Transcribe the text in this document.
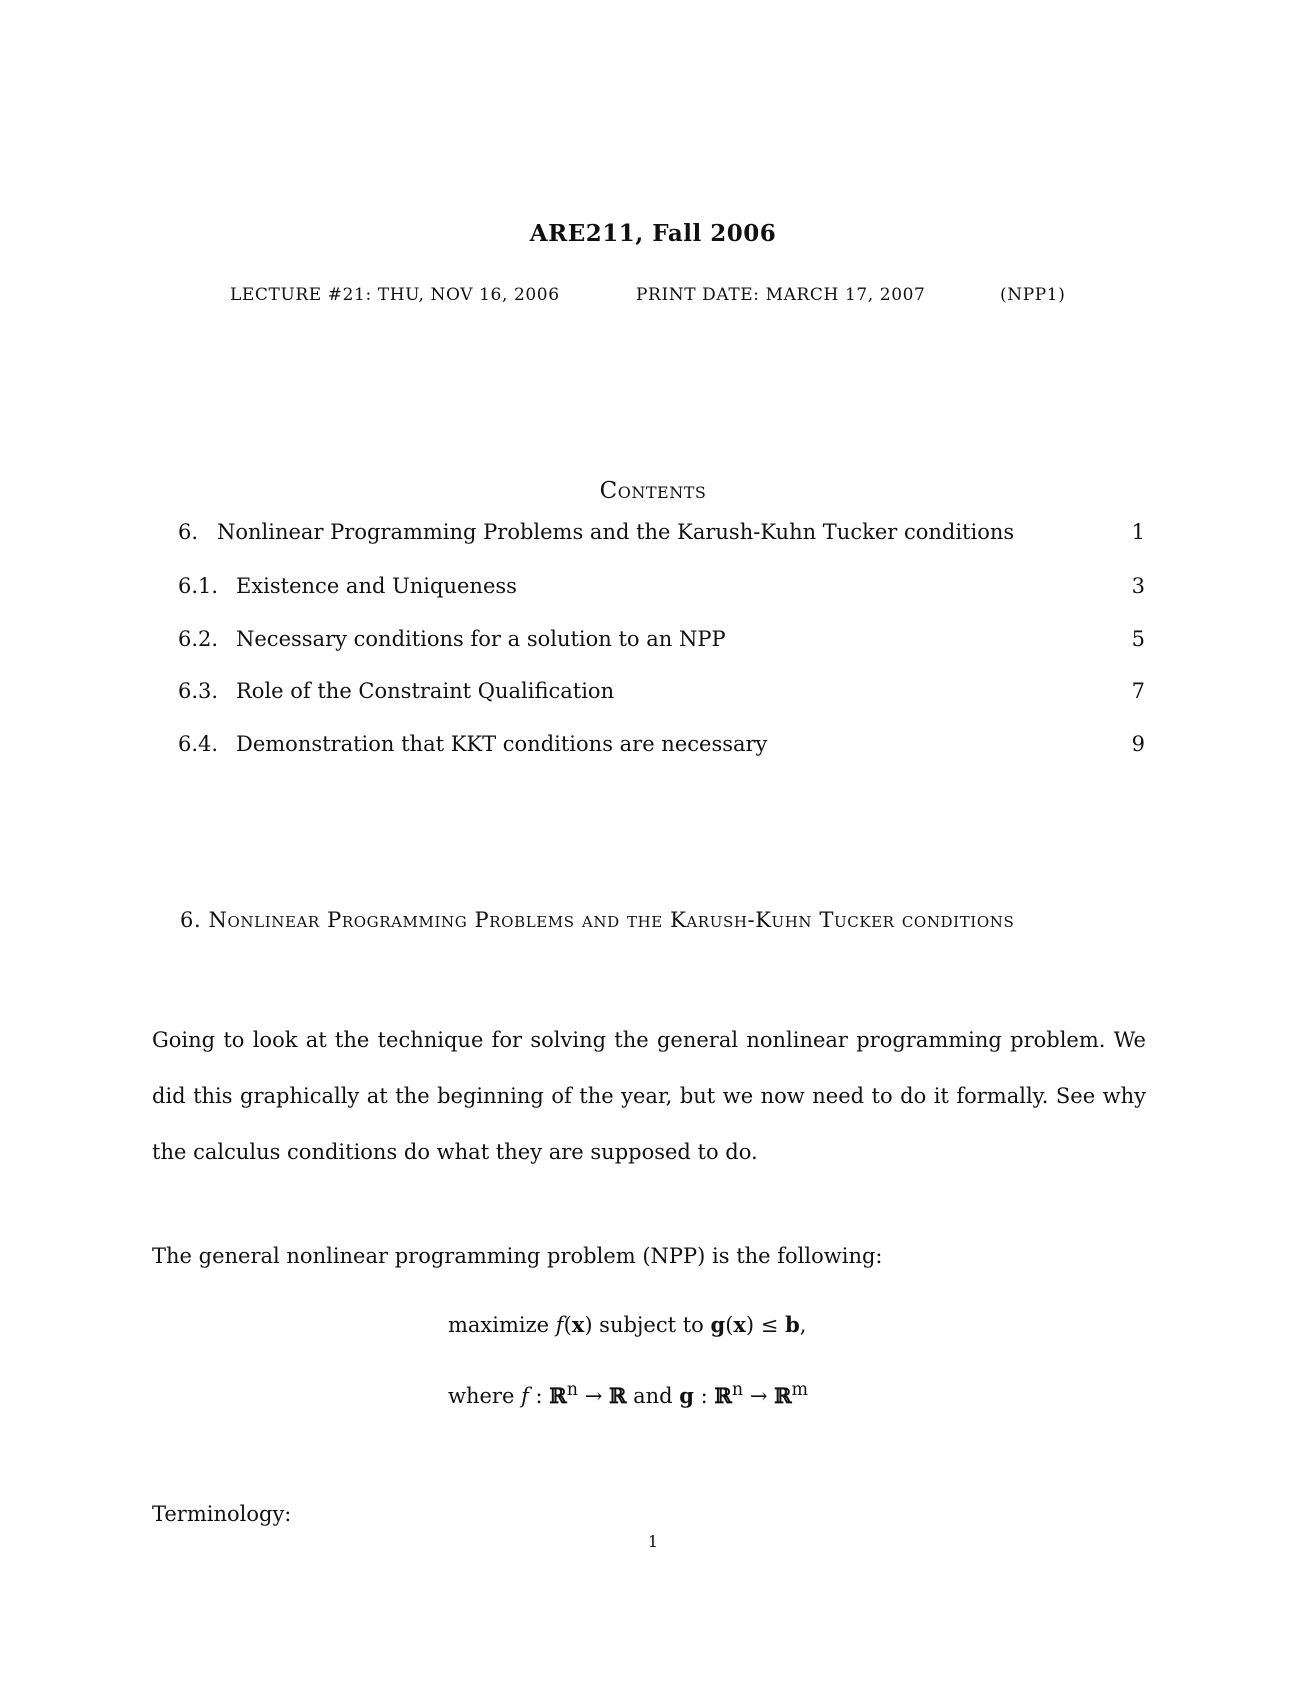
ARE211, Fall 2006
LECTURE #21: THU, NOV 16, 2006	PRINT DATE: MARCH 17, 2007	(NPP1)
Contents
6. Nonlinear Programming Problems and the Karush-Kuhn Tucker conditions	1
6.1. Existence and Uniqueness	3
6.2. Necessary conditions for a solution to an NPP	5
6.3. Role of the Constraint Qualification	7
6.4. Demonstration that KKT conditions are necessary	9
6. Nonlinear Programming Problems and the Karush-Kuhn Tucker conditions
Going to look at the technique for solving the general nonlinear programming problem. We did this graphically at the beginning of the year, but we now need to do it formally. See why the calculus conditions do what they are supposed to do.
The general nonlinear programming problem (NPP) is the following:
maximize f(x) subject to g(x) ≤ b,
where f : ℝ$^n$ → ℝ and g : ℝ$^n$ → ℝ$^m$
Terminology:
1
